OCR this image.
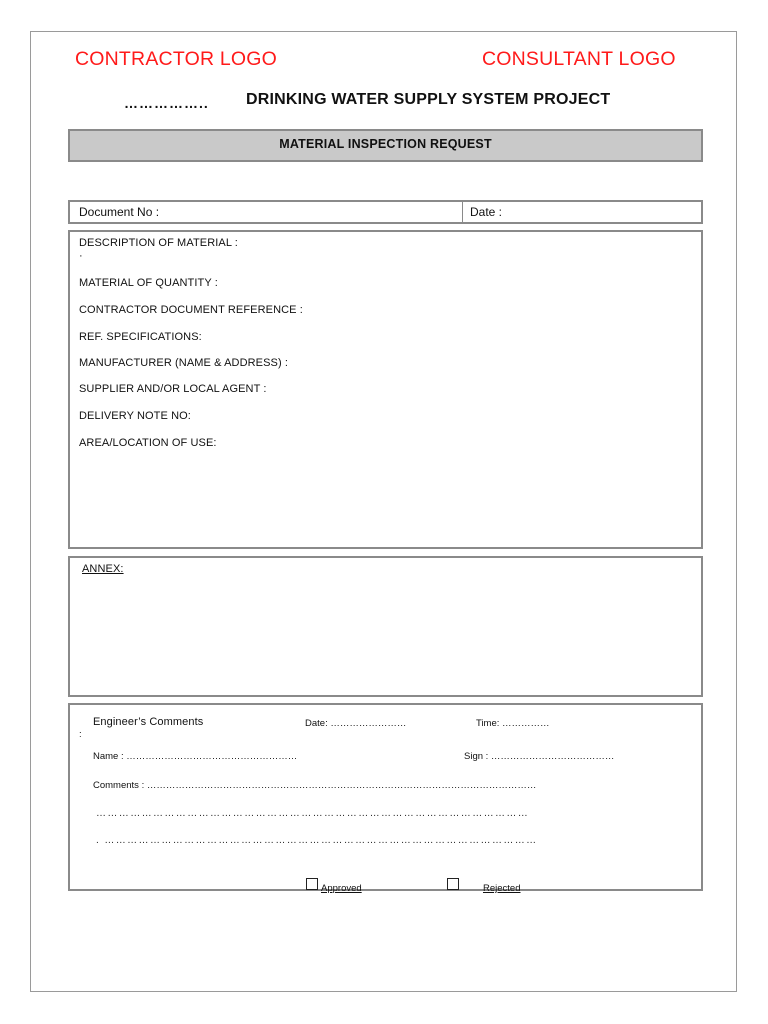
CONTRACTOR LOGO	CONSULTANT LOGO
…………….. DRINKING WATER SUPPLY SYSTEM PROJECT
MATERIAL INSPECTION REQUEST
Document No :	Date :
DESCRIPTION OF MATERIAL :
·
MATERIAL OF QUANTITY :
CONTRACTOR DOCUMENT REFERENCE :
REF. SPECIFICATIONS:
MANUFACTURER (NAME & ADDRESS) :
SUPPLIER AND/OR LOCAL AGENT :
DELIVERY NOTE NO:
AREA/LOCATION OF USE:
ANNEX:
Engineer’s Comments
:
Date: ……………………	Time: ……………
Name : ………………………………………………	Sign : …………………………………
Comments : ……………………………………………………………………………………………………………
……………………………………………………………………………………………………
. ……………………………………………………………………………………………………
Approved	Rejected
